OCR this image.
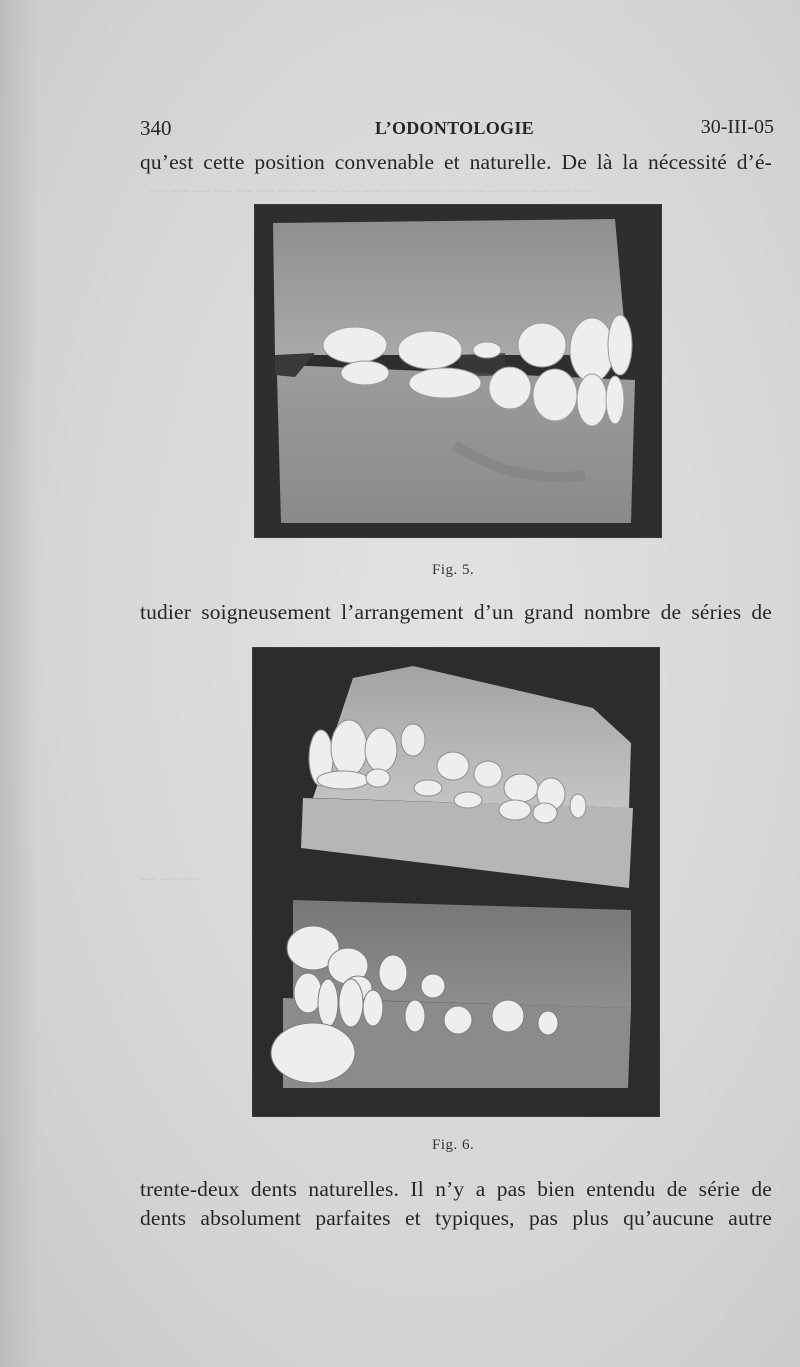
— — — — — — — — — — — — — — — — — — — — —
— — —
340	L’ODONTOLOGIE	30-III-05
qu’est cette position convenable et naturelle. De là la nécessité d’é-
Fig. 5.
tudier soigneusement l’arrangement d’un grand nombre de séries de
Fig. 6.
trente-deux dents naturelles. Il n’y a pas bien entendu de série de
dents absolument parfaites et typiques, pas plus qu’aucune autre
